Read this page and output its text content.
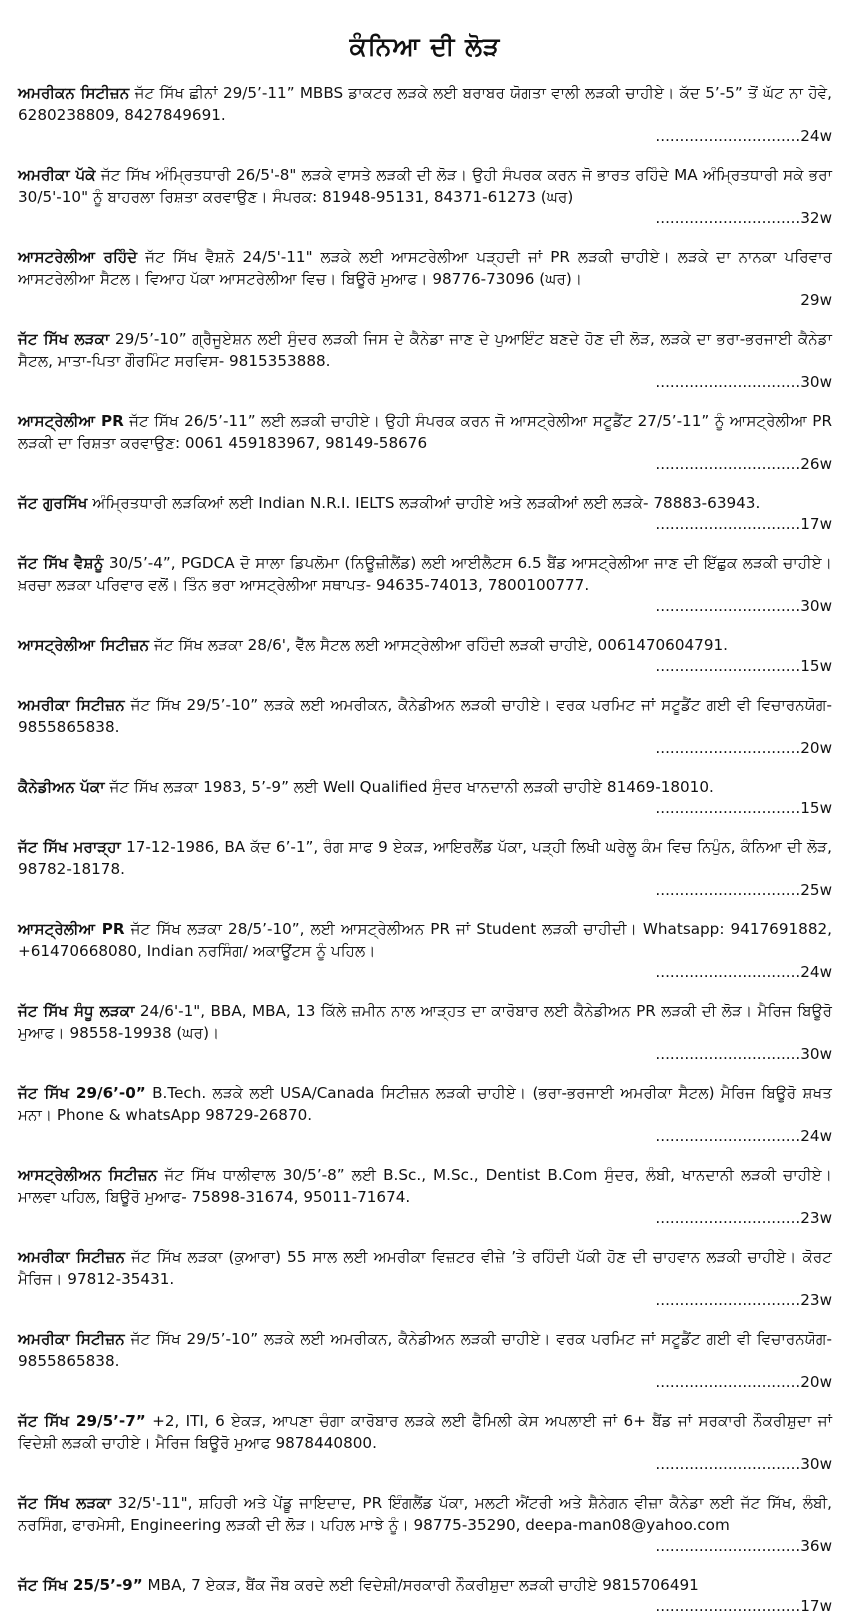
ਕੰਨਿਆ ਦੀ ਲੋੜ
ਅਮਰੀਕਨ ਸਿਟੀਜ਼ਨ ਜੱਟ ਸਿੱਖ ਛੀਨਾਂ 29/5’-11” MBBS ਡਾਕਟਰ ਲੜਕੇ ਲਈ ਬਰਾਬਰ ਯੋਗਤਾ ਵਾਲੀ ਲੜਕੀ ਚਾਹੀਏ। ਕੱਦ 5’-5” ਤੋਂ ਘੱਟ ਨਾ ਹੋਵੇ, 6280238809, 8427849691.
..............................24w
ਅਮਰੀਕਾ ਪੱਕੇ ਜੱਟ ਸਿੱਖ ਅੰਮ੍ਰਿਤਧਾਰੀ 26/5'-8" ਲੜਕੇ ਵਾਸਤੇ ਲੜਕੀ ਦੀ ਲੋੜ। ਉਹੀ ਸੰਪਰਕ ਕਰਨ ਜੋ ਭਾਰਤ ਰਹਿੰਦੇ MA ਅੰਮ੍ਰਿਤਧਾਰੀ ਸਕੇ ਭਰਾ 30/5'-10" ਨੂੰ ਬਾਹਰਲਾ ਰਿਸ਼ਤਾ ਕਰਵਾਉਣ। ਸੰਪਰਕ: 81948-95131, 84371-61273 (ਘਰ)
..............................32w
ਆਸਟਰੇਲੀਆ ਰਹਿੰਦੇ ਜੱਟ ਸਿੱਖ ਵੈਸ਼ਨੋ 24/5'-11" ਲੜਕੇ ਲਈ ਆਸਟਰੇਲੀਆ ਪੜ੍ਹਦੀ ਜਾਂ PR ਲੜਕੀ ਚਾਹੀਏ। ਲੜਕੇ ਦਾ ਨਾਨਕਾ ਪਰਿਵਾਰ ਆਸਟਰੇਲੀਆ ਸੈਟਲ। ਵਿਆਹ ਪੱਕਾ ਆਸਟਰੇਲੀਆ ਵਿਚ। ਬਿਊਰੋ ਮੁਆਫ। 98776-73096 (ਘਰ)।
29w
ਜੱਟ ਸਿੱਖ ਲੜਕਾ 29/5’-10” ਗ੍ਰੈਜੂਏਸ਼ਨ ਲਈ ਸੁੰਦਰ ਲੜਕੀ ਜਿਸ ਦੇ ਕੈਨੇਡਾ ਜਾਣ ਦੇ ਪੁਆਇੰਟ ਬਣਦੇ ਹੋਣ ਦੀ ਲੋੜ, ਲੜਕੇ ਦਾ ਭਰਾ-ਭਰਜਾਈ ਕੈਨੇਡਾ ਸੈਟਲ, ਮਾਤਾ-ਪਿਤਾ ਗੌਰਮਿੰਟ ਸਰਵਿਸ- 9815353888.
..............................30w
ਆਸਟ੍ਰੇਲੀਆ PR ਜੱਟ ਸਿੱਖ 26/5’-11” ਲਈ ਲੜਕੀ ਚਾਹੀਏ। ਉਹੀ ਸੰਪਰਕ ਕਰਨ ਜੋ ਆਸਟ੍ਰੇਲੀਆ ਸਟੂਡੈਂਟ 27/5’-11” ਨੂੰ ਆਸਟ੍ਰੇਲੀਆ PR ਲੜਕੀ ਦਾ ਰਿਸ਼ਤਾ ਕਰਵਾਉਣ: 0061 459183967, 98149-58676
..............................26w
ਜੱਟ ਗੁਰਸਿੱਖ ਅੰਮ੍ਰਿਤਧਾਰੀ ਲੜਕਿਆਂ ਲਈ Indian N.R.I. IELTS ਲੜਕੀਆਂ ਚਾਹੀਏ ਅਤੇ ਲੜਕੀਆਂ ਲਈ ਲੜਕੇ- 78883-63943.
..............................17w
ਜੱਟ ਸਿੱਖ ਵੈਸ਼ਨੂੰ 30/5’-4”, PGDCA ਦੋ ਸਾਲਾ ਡਿਪਲੋਮਾ (ਨਿਊਜ਼ੀਲੈਂਡ) ਲਈ ਆਈਲੈਟਸ 6.5 ਬੈਂਡ ਆਸਟ੍ਰੇਲੀਆ ਜਾਣ ਦੀ ਇੱਛੁਕ ਲੜਕੀ ਚਾਹੀਏ। ਖ਼ਰਚਾ ਲੜਕਾ ਪਰਿਵਾਰ ਵਲੋਂ। ਤਿੰਨ ਭਰਾ ਆਸਟ੍ਰੇਲੀਆ ਸਥਾਪਤ- 94635-74013, 7800100777.
..............................30w
ਆਸਟ੍ਰੇਲੀਆ ਸਿਟੀਜ਼ਨ ਜੱਟ ਸਿੱਖ ਲੜਕਾ 28/6', ਵੈੱਲ ਸੈਟਲ ਲਈ ਆਸਟ੍ਰੇਲੀਆ ਰਹਿੰਦੀ ਲੜਕੀ ਚਾਹੀਏ, 0061470604791.
..............................15w
ਅਮਰੀਕਾ ਸਿਟੀਜ਼ਨ ਜੱਟ ਸਿੱਖ 29/5’-10” ਲੜਕੇ ਲਈ ਅਮਰੀਕਨ, ਕੈਨੇਡੀਅਨ ਲੜਕੀ ਚਾਹੀਏ। ਵਰਕ ਪਰਮਿਟ ਜਾਂ ਸਟੂਡੈਂਟ ਗਈ ਵੀ ਵਿਚਾਰਨਯੋਗ- 9855865838.
..............................20w
ਕੈਨੇਡੀਅਨ ਪੱਕਾ ਜੱਟ ਸਿੱਖ ਲੜਕਾ 1983, 5’-9” ਲਈ Well Qualified ਸੁੰਦਰ ਖਾਨਦਾਨੀ ਲੜਕੀ ਚਾਹੀਏ 81469-18010.
..............................15w
ਜੱਟ ਸਿੱਖ ਮਰਾੜ੍ਹਾ 17-12-1986, BA ਕੱਦ 6’-1”, ਰੰਗ ਸਾਫ 9 ਏਕੜ, ਆਇਰਲੈਂਡ ਪੱਕਾ, ਪੜ੍ਹੀ ਲਿਖੀ ਘਰੇਲੂ ਕੰਮ ਵਿਚ ਨਿਪੁੰਨ, ਕੰਨਿਆ ਦੀ ਲੋੜ, 98782-18178.
..............................25w
ਆਸਟ੍ਰੇਲੀਆ PR ਜੱਟ ਸਿੱਖ ਲੜਕਾ 28/5’-10”, ਲਈ ਆਸਟ੍ਰੇਲੀਅਨ PR ਜਾਂ Student ਲੜਕੀ ਚਾਹੀਦੀ। Whatsapp: 9417691882, +61470668080, Indian ਨਰਸਿੰਗ/ ਅਕਾਊਂਟਸ ਨੂੰ ਪਹਿਲ।
..............................24w
ਜੱਟ ਸਿੱਖ ਸੰਧੂ ਲੜਕਾ 24/6'-1", BBA, MBA, 13 ਕਿੱਲੇ ਜ਼ਮੀਨ ਨਾਲ ਆੜ੍ਹਤ ਦਾ ਕਾਰੋਬਾਰ ਲਈ ਕੈਨੇਡੀਅਨ PR ਲੜਕੀ ਦੀ ਲੋੜ। ਮੈਰਿਜ ਬਿਊਰੋ ਮੁਆਫ। 98558-19938 (ਘਰ)।
..............................30w
ਜੱਟ ਸਿੱਖ 29/6’-0” B.Tech. ਲੜਕੇ ਲਈ USA/Canada ਸਿਟੀਜ਼ਨ ਲੜਕੀ ਚਾਹੀਏ। (ਭਰਾ-ਭਰਜਾਈ ਅਮਰੀਕਾ ਸੈਟਲ) ਮੈਰਿਜ ਬਿਊਰੋ ਸ਼ਖਤ ਮਨਾ। Phone & whatsApp 98729-26870.
..............................24w
ਆਸਟ੍ਰੇਲੀਅਨ ਸਿਟੀਜ਼ਨ ਜੱਟ ਸਿੱਖ ਧਾਲੀਵਾਲ 30/5’-8” ਲਈ B.Sc., M.Sc., Dentist B.Com ਸੁੰਦਰ, ਲੰਬੀ, ਖਾਨਦਾਨੀ ਲੜਕੀ ਚਾਹੀਏ। ਮਾਲਵਾ ਪਹਿਲ, ਬਿਊਰੋ ਮੁਆਫ- 75898-31674, 95011-71674.
..............................23w
ਅਮਰੀਕਾ ਸਿਟੀਜ਼ਨ ਜੱਟ ਸਿੱਖ ਲੜਕਾ (ਕੁਆਰਾ) 55 ਸਾਲ ਲਈ ਅਮਰੀਕਾ ਵਿਜ਼ਟਰ ਵੀਜ਼ੇ ’ਤੇ ਰਹਿੰਦੀ ਪੱਕੀ ਹੋਣ ਦੀ ਚਾਹਵਾਨ ਲੜਕੀ ਚਾਹੀਏ। ਕੋਰਟ ਮੈਰਿਜ। 97812-35431.
..............................23w
ਅਮਰੀਕਾ ਸਿਟੀਜ਼ਨ ਜੱਟ ਸਿੱਖ 29/5’-10” ਲੜਕੇ ਲਈ ਅਮਰੀਕਨ, ਕੈਨੇਡੀਅਨ ਲੜਕੀ ਚਾਹੀਏ। ਵਰਕ ਪਰਮਿਟ ਜਾਂ ਸਟੂਡੈਂਟ ਗਈ ਵੀ ਵਿਚਾਰਨਯੋਗ- 9855865838.
..............................20w
ਜੱਟ ਸਿੱਖ 29/5’-7” +2, ITI, 6 ਏਕੜ, ਆਪਣਾ ਚੰਗਾ ਕਾਰੋਬਾਰ ਲੜਕੇ ਲਈ ਫੈਮਿਲੀ ਕੇਸ ਅਪਲਾਈ ਜਾਂ 6+ ਬੈਂਡ ਜਾਂ ਸਰਕਾਰੀ ਨੌਕਰੀਸ਼ੁਦਾ ਜਾਂ ਵਿਦੇਸ਼ੀ ਲੜਕੀ ਚਾਹੀਏ। ਮੈਰਿਜ ਬਿਊਰੋ ਮੁਆਫ 9878440800.
..............................30w
ਜੱਟ ਸਿੱਖ ਲੜਕਾ 32/5'-11", ਸ਼ਹਿਰੀ ਅਤੇ ਪੇਂਡੂ ਜਾਇਦਾਦ, PR ਇੰਗਲੈਂਡ ਪੱਕਾ, ਮਲਟੀ ਐਂਟਰੀ ਅਤੇ ਸ਼ੈਨੇਗਨ ਵੀਜ਼ਾ ਕੈਨੇਡਾ ਲਈ ਜੱਟ ਸਿੱਖ, ਲੰਬੀ, ਨਰਸਿੰਗ, ਫਾਰਮੇਸੀ, Engineering ਲੜਕੀ ਦੀ ਲੋੜ। ਪਹਿਲ ਮਾਝੇ ਨੂੰ। 98775-35290, deepa-man08@yahoo.com
..............................36w
ਜੱਟ ਸਿੱਖ 25/5’-9” MBA, 7 ਏਕੜ, ਬੈਂਕ ਜੌਬ ਕਰਦੇ ਲਈ ਵਿਦੇਸ਼ੀ/ਸਰਕਾਰੀ ਨੌਕਰੀਸ਼ੁਦਾ ਲੜਕੀ ਚਾਹੀਏ 9815706491
..............................17w
